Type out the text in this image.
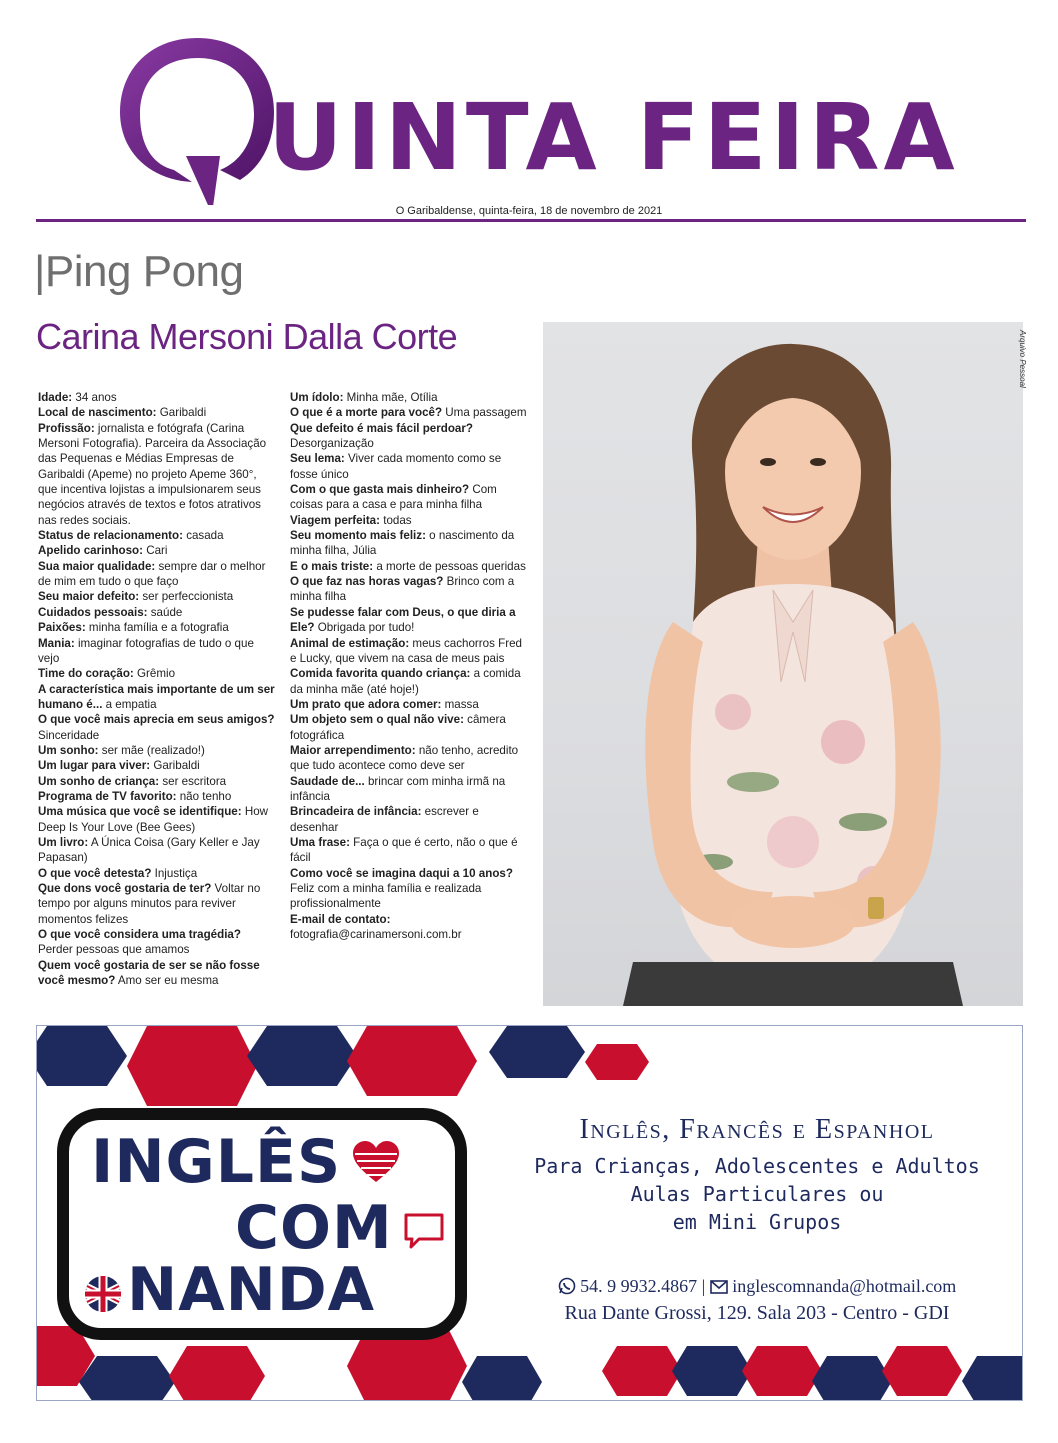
UINTA FEIRA
O Garibaldense, quinta-feira, 18 de novembro de 2021
|Ping Pong
Carina Mersoni Dalla Corte
Idade: 34 anos
Local de nascimento: Garibaldi
Profissão: jornalista e fotógrafa (Carina Mersoni Fotografia). Parceira da Associação das Pequenas e Médias Empresas de Garibaldi (Apeme) no projeto Apeme 360°, que incentiva lojistas a impulsionarem seus negócios através de textos e fotos atrativos nas redes sociais.
Status de relacionamento: casada
Apelido carinhoso: Cari
Sua maior qualidade: sempre dar o melhor de mim em tudo o que faço
Seu maior defeito: ser perfeccionista
Cuidados pessoais: saúde
Paixões: minha família e a fotografia
Mania: imaginar fotografias de tudo o que vejo
Time do coração: Grêmio
A característica mais importante de um ser humano é... a empatia
O que você mais aprecia em seus amigos? Sinceridade
Um sonho: ser mãe (realizado!)
Um lugar para viver: Garibaldi
Um sonho de criança: ser escritora
Programa de TV favorito: não tenho
Uma música que você se identifique: How Deep Is Your Love (Bee Gees)
Um livro: A Única Coisa (Gary Keller e Jay Papasan)
O que você detesta? Injustiça
Que dons você gostaria de ter? Voltar no tempo por alguns minutos para reviver momentos felizes
O que você considera uma tragédia? Perder pessoas que amamos
Quem você gostaria de ser se não fosse você mesmo? Amo ser eu mesma
Um ídolo: Minha mãe, Otília
O que é a morte para você? Uma passagem
Que defeito é mais fácil perdoar? Desorganização
Seu lema: Viver cada momento como se fosse único
Com o que gasta mais dinheiro? Com coisas para a casa e para minha filha
Viagem perfeita: todas
Seu momento mais feliz: o nascimento da minha filha, Júlia
E o mais triste: a morte de pessoas queridas
O que faz nas horas vagas? Brinco com a minha filha
Se pudesse falar com Deus, o que diria a Ele? Obrigada por tudo!
Animal de estimação: meus cachorros Fred e Lucky, que vivem na casa de meus pais
Comida favorita quando criança: a comida da minha mãe (até hoje!)
Um prato que adora comer: massa
Um objeto sem o qual não vive: câmera fotográfica
Maior arrependimento: não tenho, acredito que tudo acontece como deve ser
Saudade de... brincar com minha irmã na infância
Brincadeira de infância: escrever e desenhar
Uma frase: Faça o que é certo, não o que é fácil
Como você se imagina daqui a 10 anos? Feliz com a minha família e realizada profissionalmente
E-mail de contato: fotografia@carinamersoni.com.br
Arquivo Pessoal
INGLÊS
COM
NANDA
Inglês, Francês e Espanhol
Para Crianças, Adolescentes e Adultos
Aulas Particulares ou
em Mini Grupos
54. 9 9932.4867 | inglescomnanda@hotmail.com
Rua Dante Grossi, 129. Sala 203 - Centro - GDI
